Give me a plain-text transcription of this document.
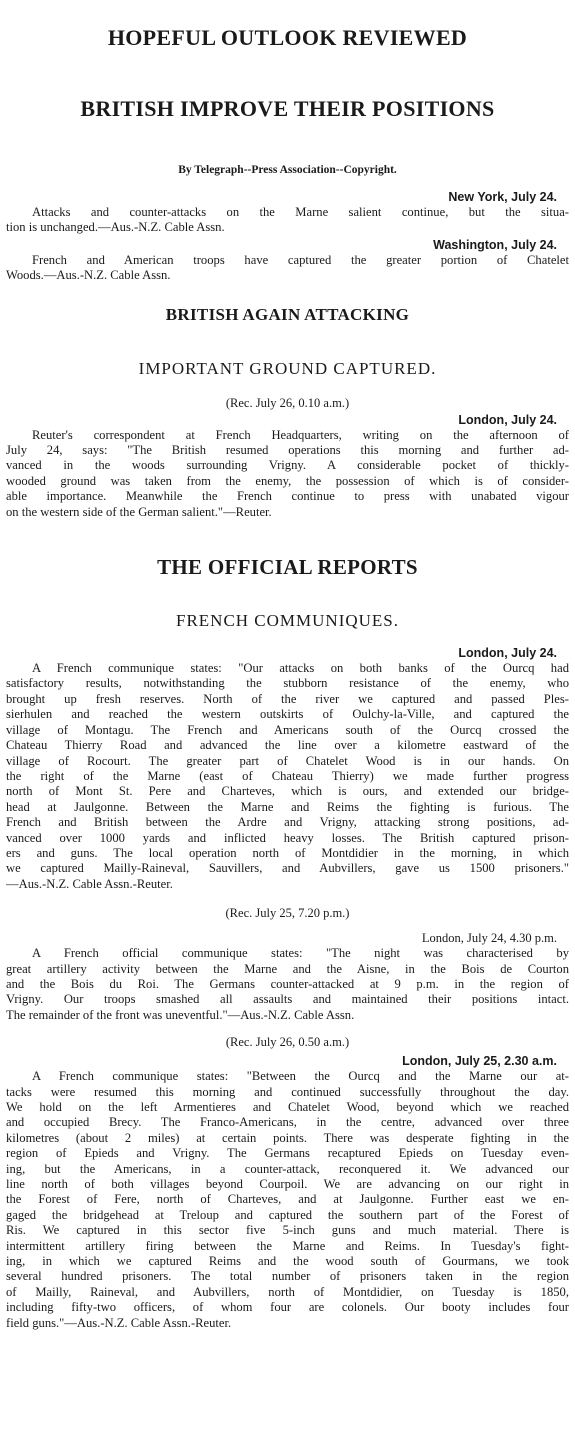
HOPEFUL OUTLOOK REVIEWED
BRITISH IMPROVE THEIR POSITIONS
By Telegraph--Press Association--Copyright.
New York, July 24.
Attacks and counter-attacks on the Marne salient continue, but the situa-
tion is unchanged.—Aus.-N.Z. Cable Assn.
Washington, July 24.
French and American troops have captured the greater portion of Chatelet
Woods.—Aus.-N.Z. Cable Assn.
BRITISH AGAIN ATTACKING
IMPORTANT GROUND CAPTURED.
(Rec. July 26, 0.10 a.m.)
London, July 24.
Reuter's correspondent at French Headquarters, writing on the afternoon of
July 24, says: "The British resumed operations this morning and further ad-
vanced in the woods surrounding Vrigny. A considerable pocket of thickly-
wooded ground was taken from the enemy, the possession of which is of consider-
able importance. Meanwhile the French continue to press with unabated vigour
on the western side of the German salient."—Reuter.
THE OFFICIAL REPORTS
FRENCH COMMUNIQUES.
London, July 24.
A French communique states: "Our attacks on both banks of the Ourcq had
satisfactory results, notwithstanding the stubborn resistance of the enemy, who
brought up fresh reserves. North of the river we captured and passed Ples-
sierhulen and reached the western outskirts of Oulchy-la-Ville, and captured the
village of Montagu. The French and Americans south of the Ourcq crossed the
Chateau Thierry Road and advanced the line over a kilometre eastward of the
village of Rocourt. The greater part of Chatelet Wood is in our hands. On
the right of the Marne (east of Chateau Thierry) we made further progress
north of Mont St. Pere and Charteves, which is ours, and extended our bridge-
head at Jaulgonne. Between the Marne and Reims the fighting is furious. The
French and British between the Ardre and Vrigny, attacking strong positions, ad-
vanced over 1000 yards and inflicted heavy losses. The British captured prison-
ers and guns. The local operation north of Montdidier in the morning, in which
we captured Mailly-Raineval, Sauvillers, and Aubvillers, gave us 1500 prisoners."
—Aus.-N.Z. Cable Assn.-Reuter.
(Rec. July 25, 7.20 p.m.)
London, July 24, 4.30 p.m.
A French official communique states: "The night was characterised by
great artillery activity between the Marne and the Aisne, in the Bois de Courton
and the Bois du Roi. The Germans counter-attacked at 9 p.m. in the region of
Vrigny. Our troops smashed all assaults and maintained their positions intact.
The remainder of the front was uneventful."—Aus.-N.Z. Cable Assn.
(Rec. July 26, 0.50 a.m.)
London, July 25, 2.30 a.m.
A French communique states: "Between the Ourcq and the Marne our at-
tacks were resumed this morning and continued successfully throughout the day.
We hold on the left Armentieres and Chatelet Wood, beyond which we reached
and occupied Brecy. The Franco-Americans, in the centre, advanced over three
kilometres (about 2 miles) at certain points. There was desperate fighting in the
region of Epieds and Vrigny. The Germans recaptured Epieds on Tuesday even-
ing, but the Americans, in a counter-attack, reconquered it. We advanced our
line north of both villages beyond Courpoil. We are advancing on our right in
the Forest of Fere, north of Charteves, and at Jaulgonne. Further east we en-
gaged the bridgehead at Treloup and captured the southern part of the Forest of
Ris. We captured in this sector five 5-inch guns and much material. There is
intermittent artillery firing between the Marne and Reims. In Tuesday's fight-
ing, in which we captured Reims and the wood south of Gourmans, we took
several hundred prisoners. The total number of prisoners taken in the region
of Mailly, Raineval, and Aubvillers, north of Montdidier, on Tuesday is 1850,
including fifty-two officers, of whom four are colonels. Our booty includes four
field guns."—Aus.-N.Z. Cable Assn.-Reuter.
